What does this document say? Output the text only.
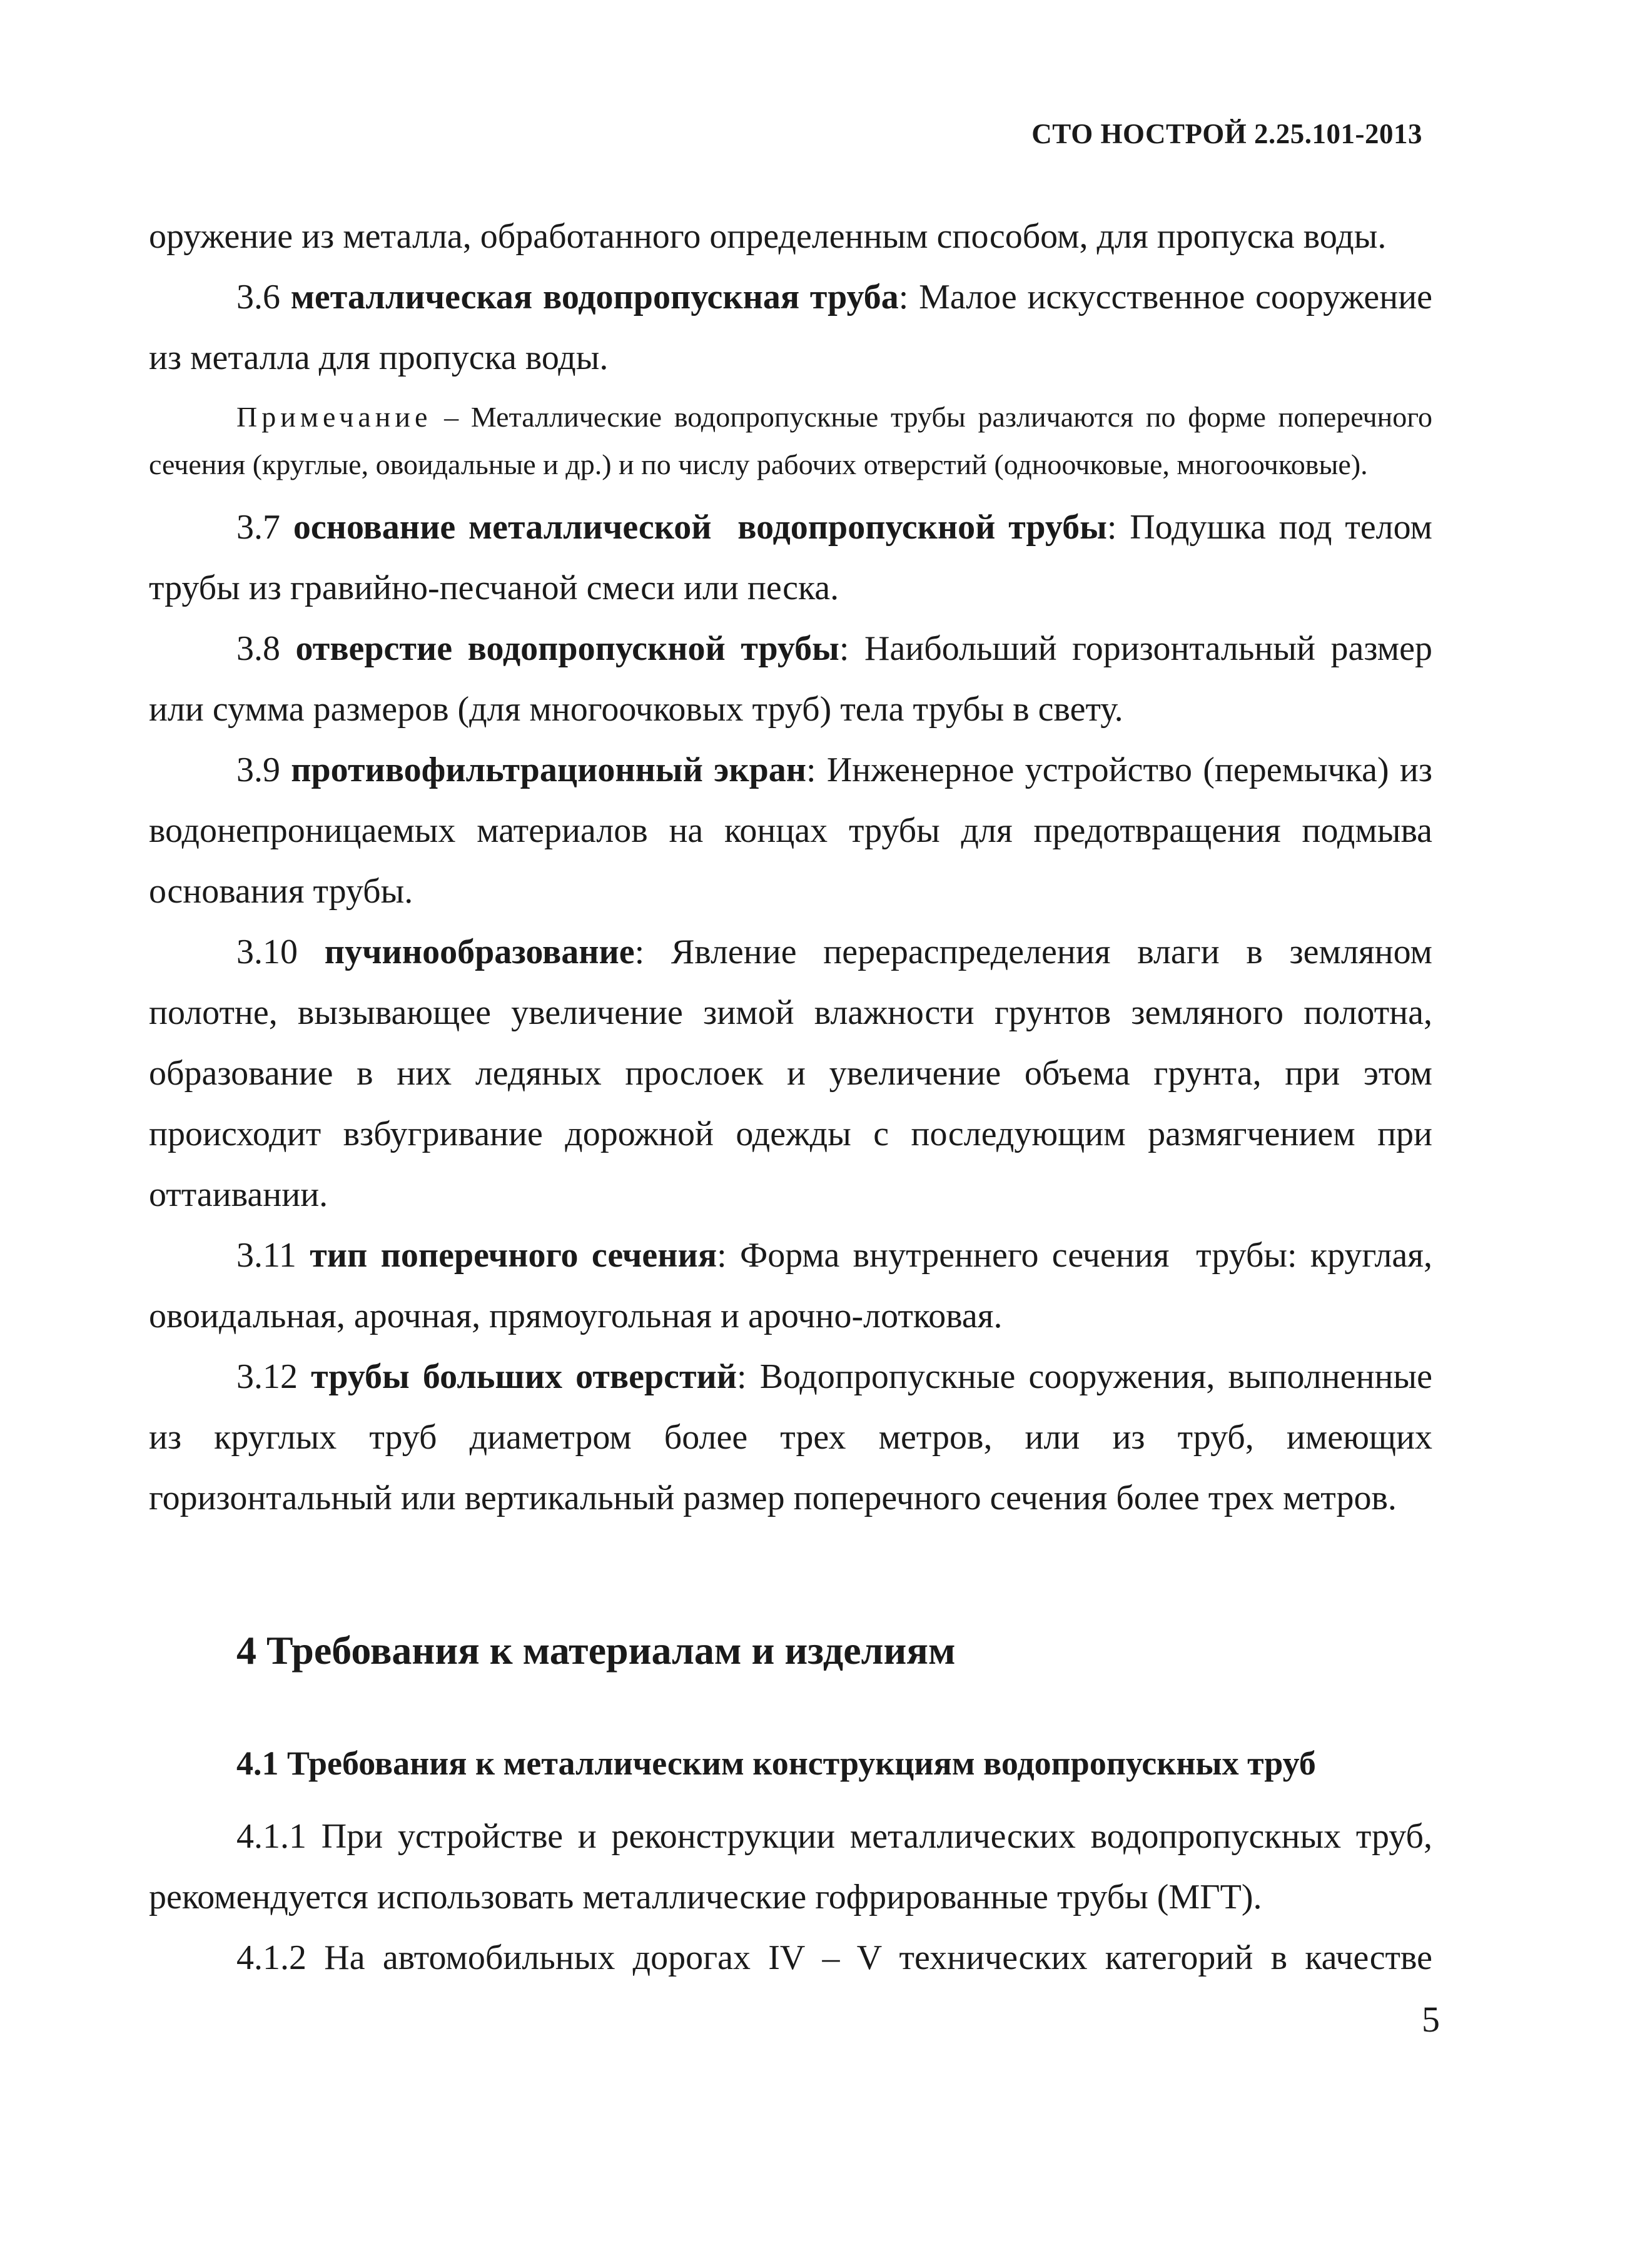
СТО НОСТРОЙ 2.25.101-2013

оружение из металла, обработанного определенным способом, для пропуска воды.

3.6 металлическая водопропускная труба: Малое искусственное сооружение из металла для пропуска воды.

Примечание – Металлические водопропускные трубы различаются по форме поперечного сечения (круглые, овоидальные и др.) и по числу рабочих отверстий (одноочковые, многоочковые).

3.7 основание металлической  водопропускной трубы: Подушка под телом трубы из гравийно-песчаной смеси или песка.

3.8 отверстие водопропускной трубы: Наибольший горизонтальный размер или сумма размеров (для многоочковых труб) тела трубы в свету.

3.9 противофильтрационный экран: Инженерное устройство (перемычка) из водонепроницаемых материалов на концах трубы для предотвращения подмыва основания трубы.

3.10 пучинообразование: Явление перераспределения влаги в земляном полотне, вызывающее увеличение зимой влажности грунтов земляного полотна, образование в них ледяных прослоек и увеличение объема грунта, при этом происходит взбугривание дорожной одежды с последующим размягчением при оттаивании.

3.11 тип поперечного сечения: Форма внутреннего сечения  трубы: круглая, овоидальная, арочная, прямоугольная и арочно-лотковая.

3.12 трубы больших отверстий: Водопропускные сооружения, выполненные из круглых труб диаметром более трех метров, или из труб, имеющих горизонтальный или вертикальный размер поперечного сечения более трех метров.

4 Требования к материалам и изделиям
4.1 Требования к металлическим конструкциям водопропускных труб

4.1.1 При устройстве и реконструкции металлических водопропускных труб, рекомендуется использовать металлические гофрированные трубы (МГТ).

4.1.2 На автомобильных дорогах IV – V технических категорий в качестве

5
